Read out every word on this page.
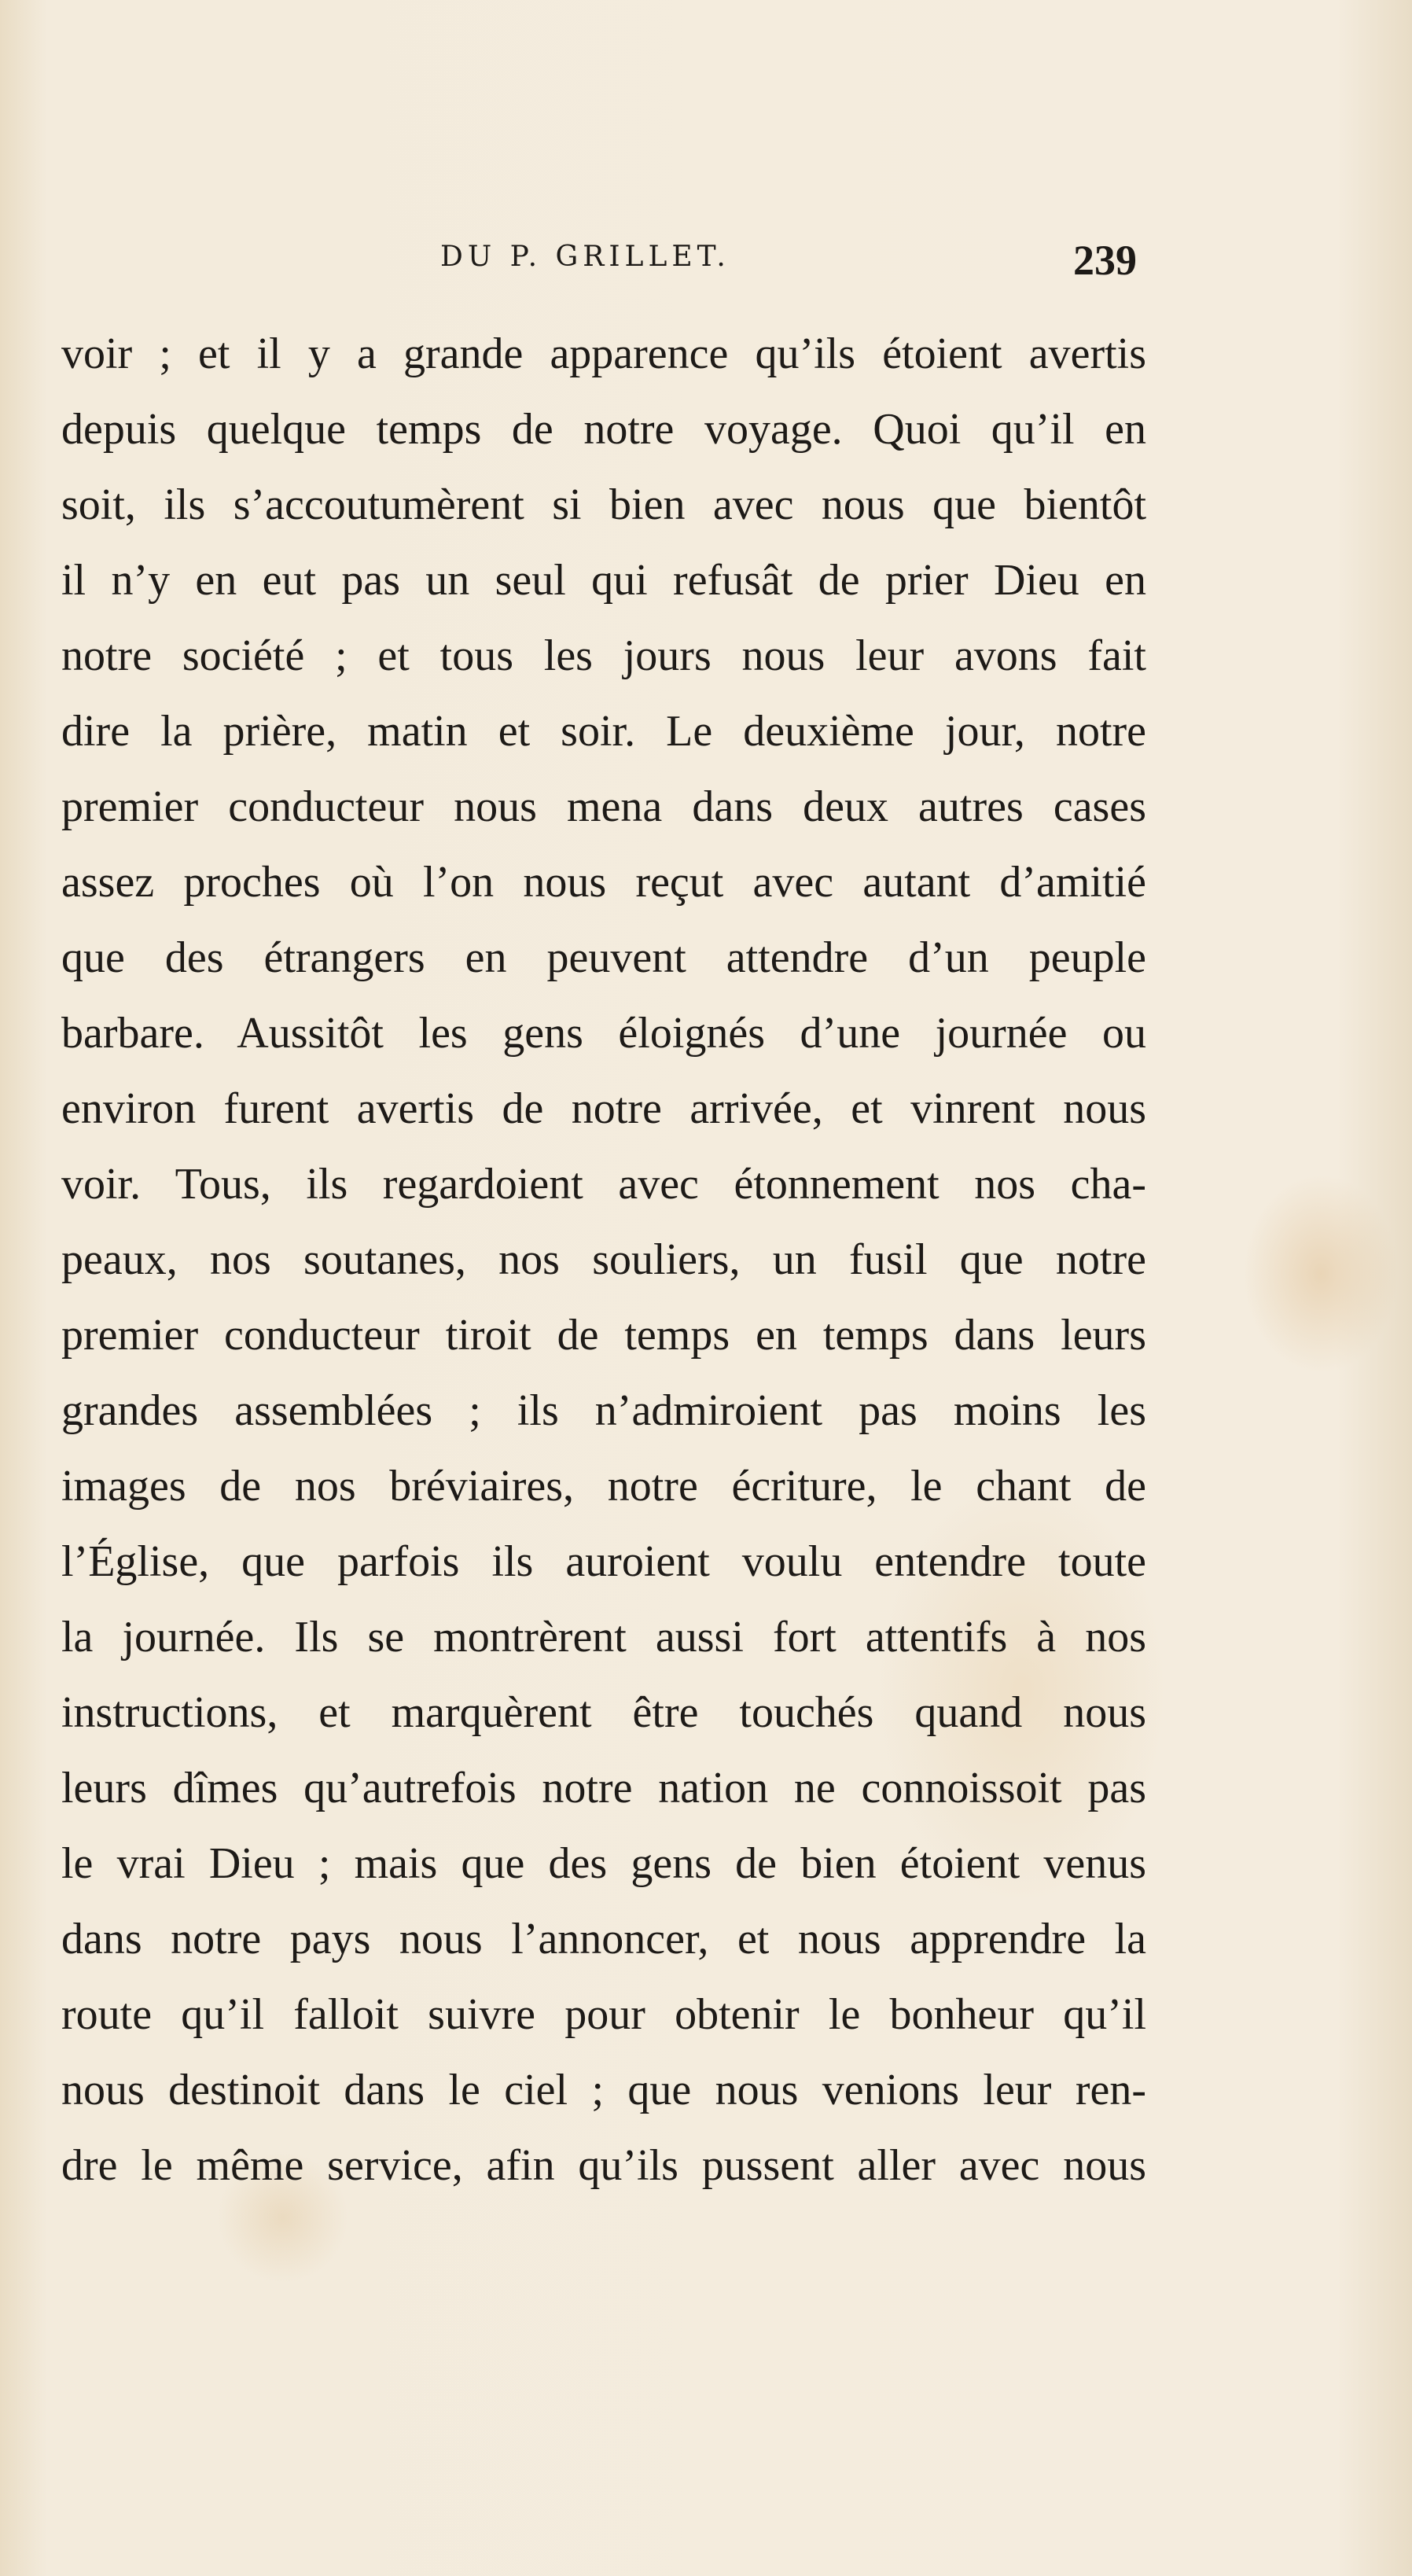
DU P. GRILLET.	239
voir ; et il y a grande apparence qu’ils étoient avertis
depuis quelque temps de notre voyage. Quoi qu’il en
soit, ils s’accoutumèrent si bien avec nous que bientôt
il n’y en eut pas un seul qui refusât de prier Dieu en
notre société ; et tous les jours nous leur avons fait
dire la prière, matin et soir. Le deuxième jour, notre
premier conducteur nous mena dans deux autres cases
assez proches où l’on nous reçut avec autant d’amitié
que des étrangers en peuvent attendre d’un peuple
barbare. Aussitôt les gens éloignés d’une journée ou
environ furent avertis de notre arrivée, et vinrent nous
voir. Tous, ils regardoient avec étonnement nos cha-
peaux, nos soutanes, nos souliers, un fusil que notre
premier conducteur tiroit de temps en temps dans leurs
grandes assemblées ; ils n’admiroient pas moins les
images de nos bréviaires, notre écriture, le chant de
l’Église, que parfois ils auroient voulu entendre toute
la journée. Ils se montrèrent aussi fort attentifs à nos
instructions, et marquèrent être touchés quand nous
leurs dîmes qu’autrefois notre nation ne connoissoit pas
le vrai Dieu ; mais que des gens de bien étoient venus
dans notre pays nous l’annoncer, et nous apprendre la
route qu’il falloit suivre pour obtenir le bonheur qu’il
nous destinoit dans le ciel ; que nous venions leur ren-
dre le même service, afin qu’ils pussent aller avec nous
